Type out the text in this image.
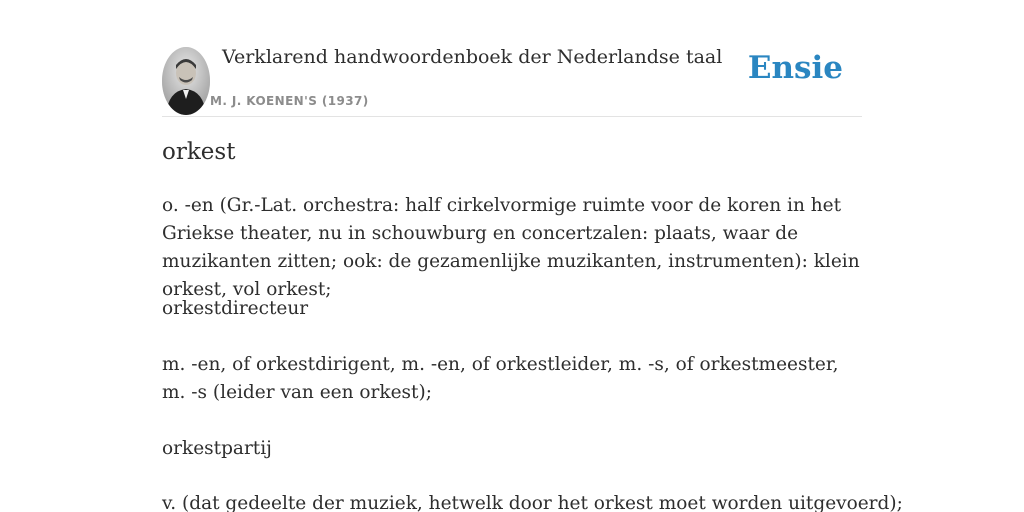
Verklarend handwoordenboek der Nederlandse taal
M. J. KOENEN'S (1937)
Ensie
orkest

o. -en (Gr.-Lat. orchestra: half cirkelvormige ruimte voor de koren in het Griekse theater, nu in schouwburg en concertzalen: plaats, waar de muzikanten zitten; ook: de gezamenlijke muzikanten, instrumenten): klein orkest, vol orkest;

orkestdirecteur

m. -en, of orkestdirigent, m. -en, of orkestleider, m. -s, of orkestmeester, m. -s (leider van een orkest);

orkestpartij

v. (dat gedeelte der muziek, hetwelk door het orkest moet worden uitgevoerd);
